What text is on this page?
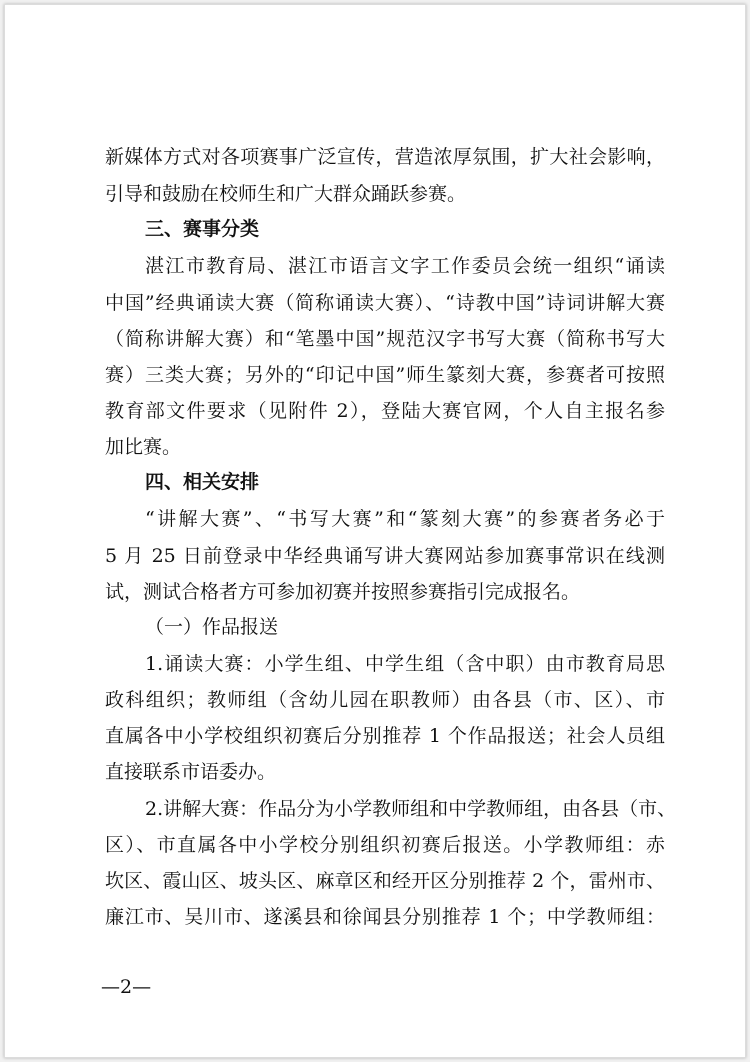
新媒体方式对各项赛事广泛宣传，营造浓厚氛围，扩大社会影响，
引导和鼓励在校师生和广大群众踊跃参赛。
三、赛事分类
湛江市教育局、湛江市语言文字工作委员会统一组织“诵读
中国”经典诵读大赛（简称诵读大赛）、“诗教中国”诗词讲解大赛
（简称讲解大赛）和“笔墨中国”规范汉字书写大赛（简称书写大
赛）三类大赛；另外的“印记中国”师生篆刻大赛，参赛者可按照
教育部文件要求（见附件 2），登陆大赛官网，个人自主报名参
加比赛。
四、相关安排
“讲解大赛”、“书写大赛”和“篆刻大赛”的参赛者务必于
5 月 25 日前登录中华经典诵写讲大赛网站参加赛事常识在线测
试，测试合格者方可参加初赛并按照参赛指引完成报名。
（一）作品报送
1.诵读大赛：小学生组、中学生组（含中职）由市教育局思
政科组织；教师组（含幼儿园在职教师）由各县（市、区）、市
直属各中小学校组织初赛后分别推荐 1 个作品报送；社会人员组
直接联系市语委办。
2.讲解大赛：作品分为小学教师组和中学教师组，由各县（市、
区）、市直属各中小学校分别组织初赛后报送。小学教师组：赤
坎区、霞山区、坡头区、麻章区和经开区分别推荐 2 个，雷州市、
廉江市、吴川市、遂溪县和徐闻县分别推荐 1 个；中学教师组：
—2—
